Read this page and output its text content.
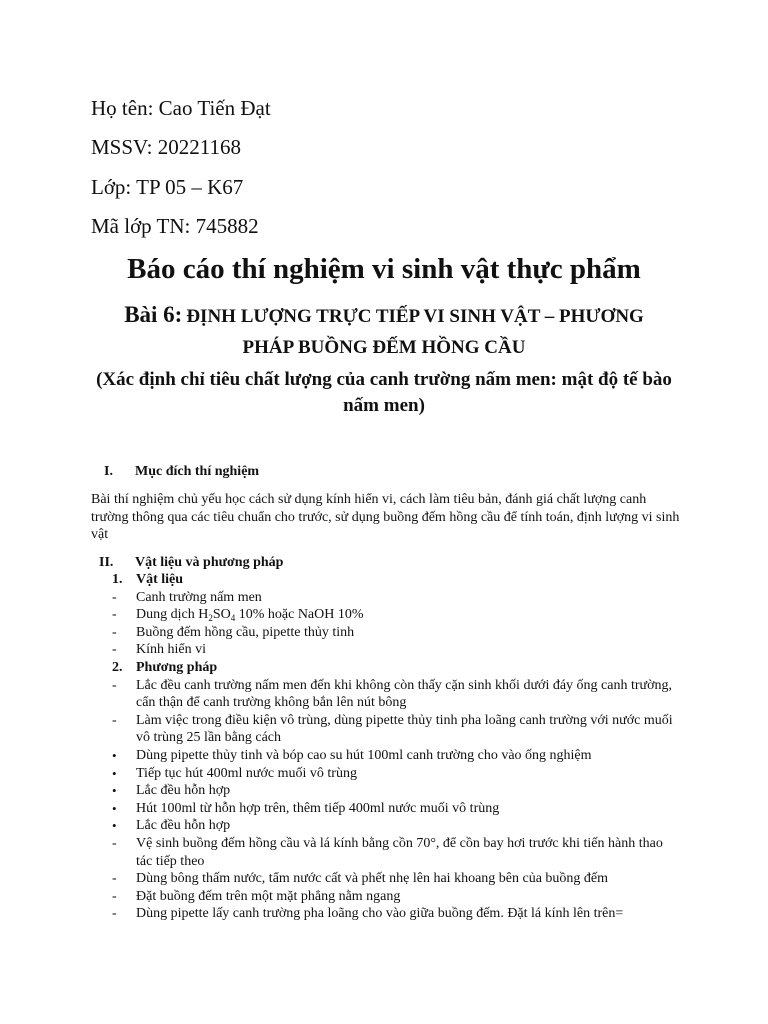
Họ tên: Cao Tiến Đạt
MSSV: 20221168
Lớp: TP 05 – K67
Mã lớp TN: 745882
Báo cáo thí nghiệm vi sinh vật thực phẩm
Bài 6: ĐỊNH LƯỢNG TRỰC TIẾP VI SINH VẬT – PHƯƠNG PHÁP BUỒNG ĐẾM HỒNG CẦU
(Xác định chỉ tiêu chất lượng của canh trường nấm men: mật độ tế bào nấm men)
I. Mục đích thí nghiệm
Bài thí nghiệm chủ yếu học cách sử dụng kính hiển vi, cách làm tiêu bản, đánh giá chất lượng canh trường thông qua các tiêu chuẩn cho trước, sử dụng buồng đếm hồng cầu để tính toán, định lượng vi sinh vật
II. Vật liệu và phương pháp
1. Vật liệu
- Canh trường nấm men
- Dung dịch $H_2SO_4$ 10% hoặc NaOH 10%
- Buồng đếm hồng cầu, pipette thủy tinh
- Kính hiển vi
2. Phương pháp
- Lắc đều canh trường nấm men đến khi không còn thấy cặn sinh khối dưới đáy ống canh trường, cẩn thận để canh trường không bắn lên nút bông
- Làm việc trong điều kiện vô trùng, dùng pipette thủy tinh pha loãng canh trường với nước muối vô trùng 25 lần bằng cách
• Dùng pipette thủy tinh và bóp cao su hút 100ml canh trường cho vào ống nghiệm
• Tiếp tục hút 400ml nước muối vô trùng
• Lắc đều hỗn hợp
• Hút 100ml từ hỗn hợp trên, thêm tiếp 400ml nước muối vô trùng
• Lắc đều hỗn hợp
- Vệ sinh buồng đếm hồng cầu và lá kính bằng cồn 70°, để cồn bay hơi trước khi tiến hành thao tác tiếp theo
- Dùng bông thấm nước, tẩm nước cất và phết nhẹ lên hai khoang bên của buồng đếm
- Đặt buồng đếm trên một mặt phẳng nằm ngang
- Dùng pipette lấy canh trường pha loãng cho vào giữa buồng đếm. Đặt lá kính lên trên=
